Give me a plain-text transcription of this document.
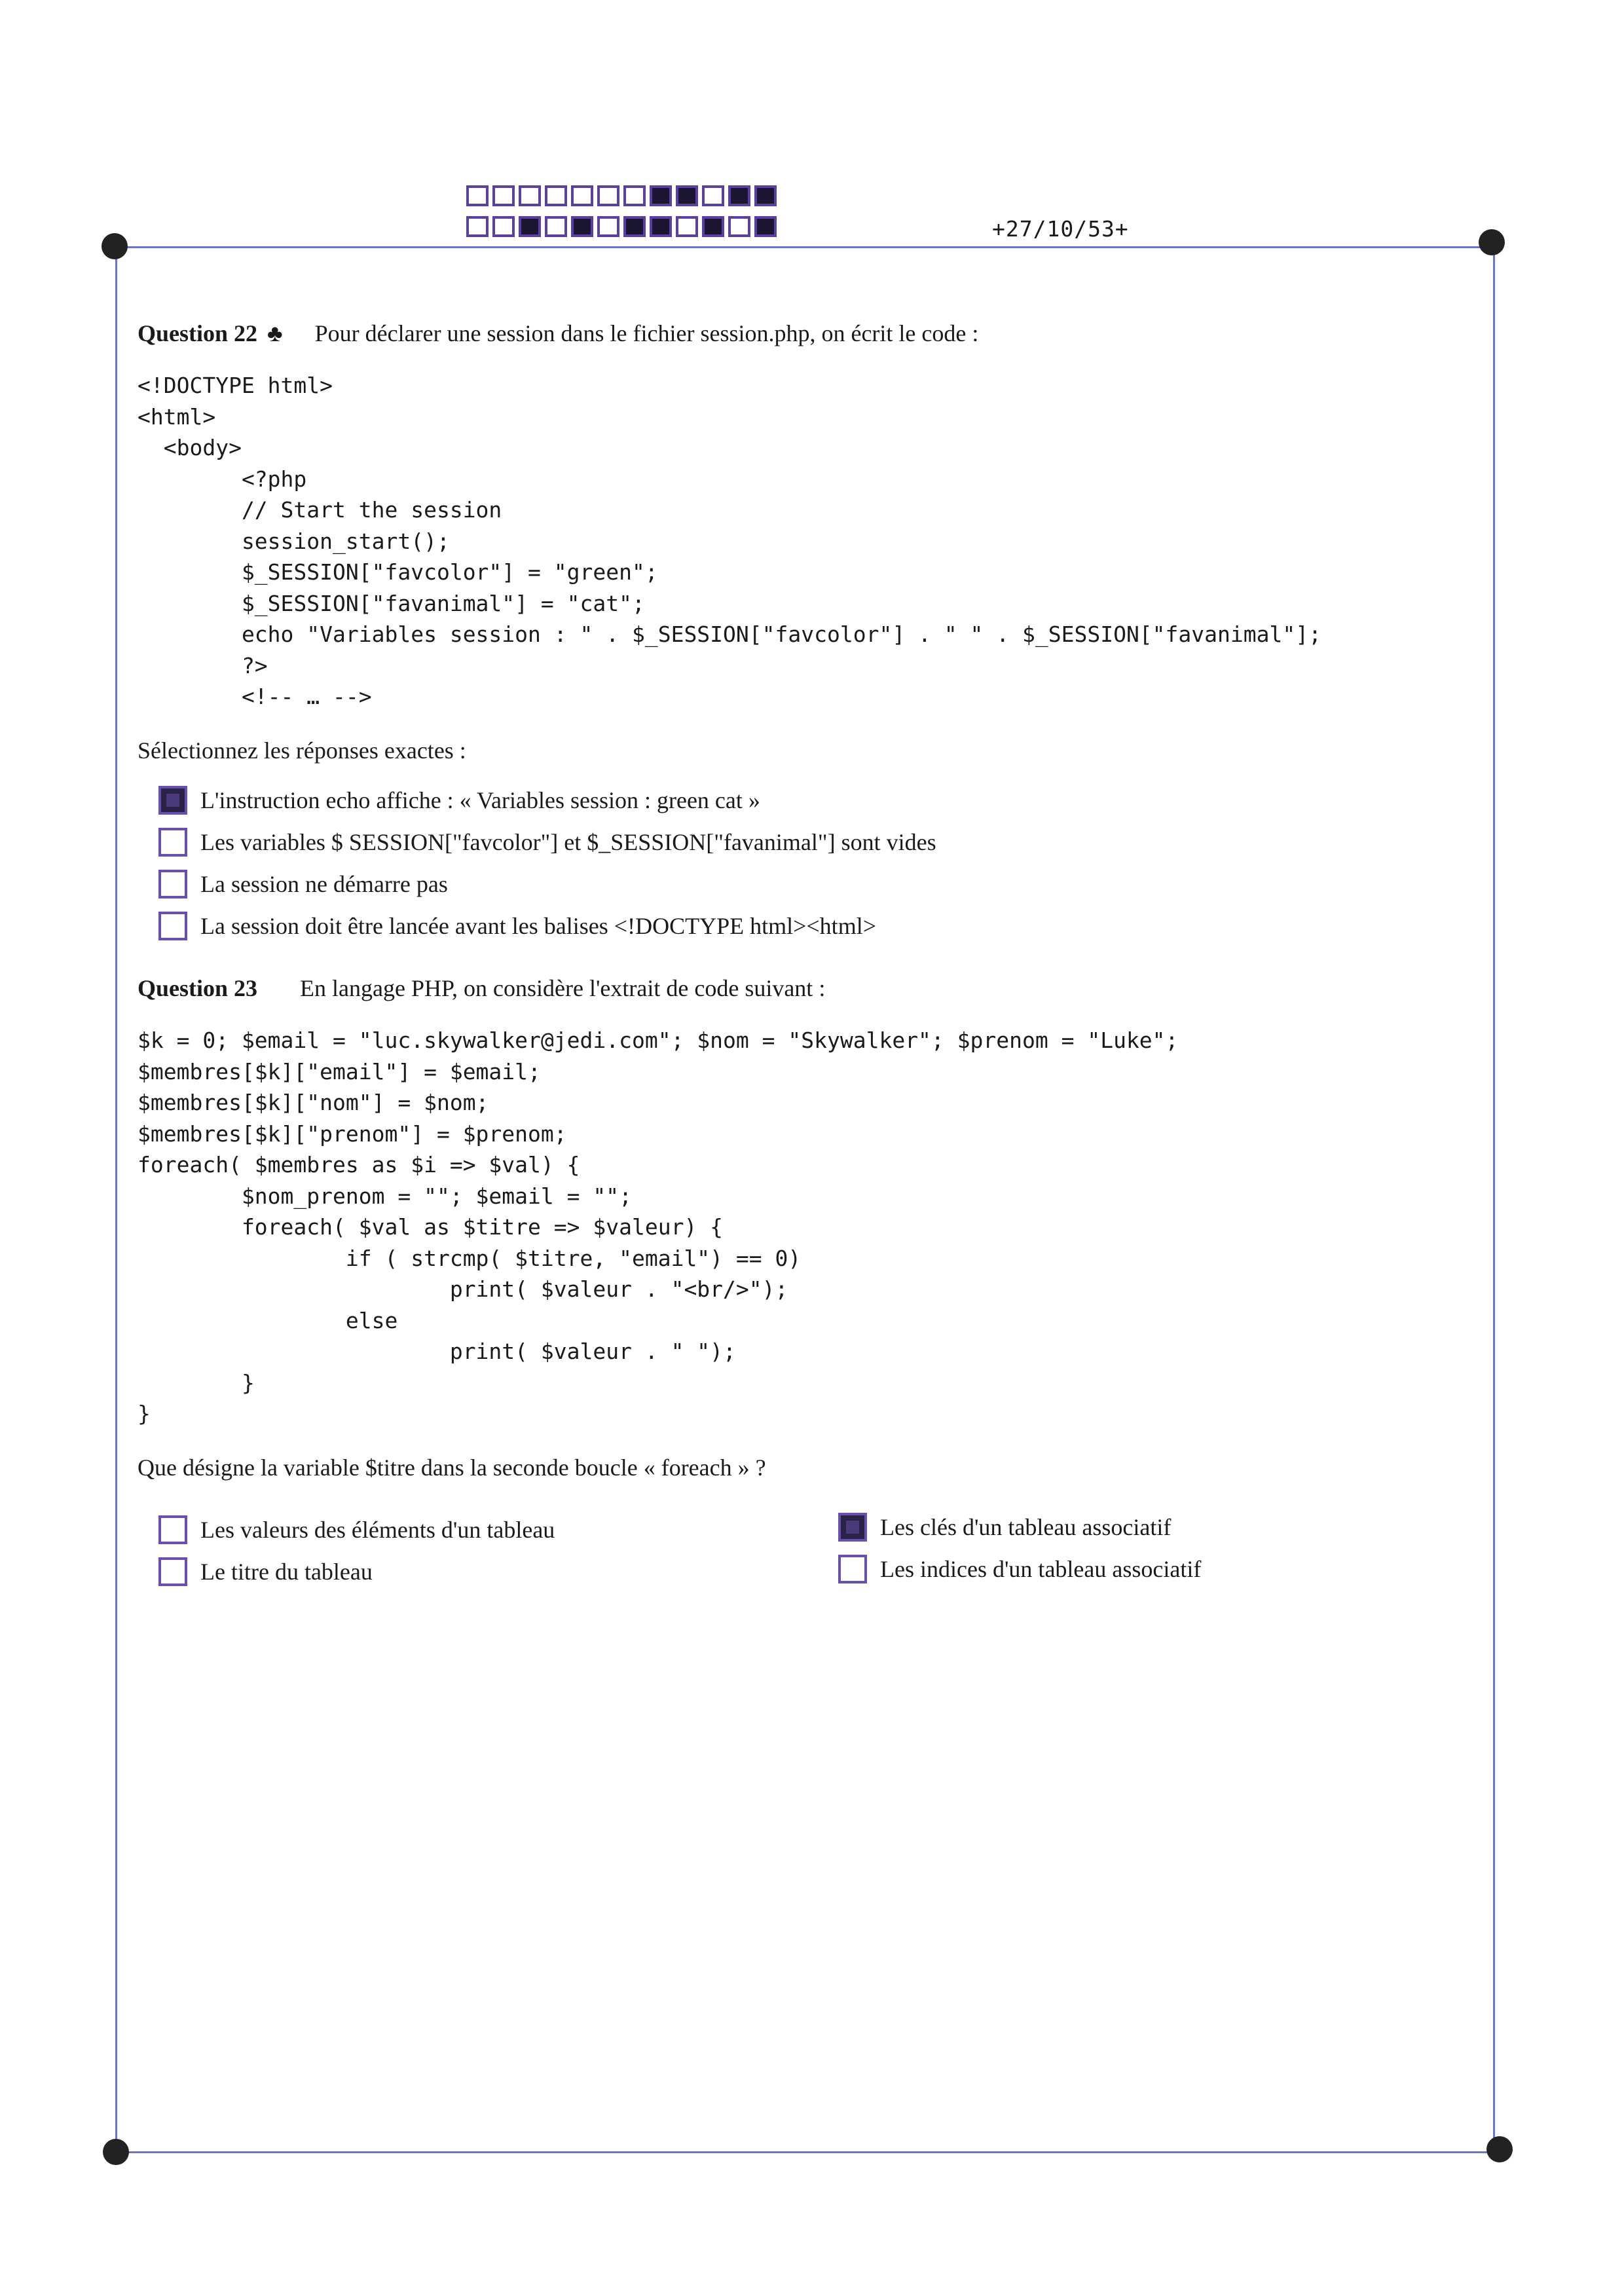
+27/10/53+
Question 22 ♣ Pour déclarer une session dans le fichier session.php, on écrit le code :
<!DOCTYPE html>
<html>
<body>
<?php
// Start the session
session_start();
$_SESSION["favcolor"] = "green";
$_SESSION["favanimal"] = "cat";
echo "Variables session : " . $_SESSION["favcolor"] . " " . $_SESSION["favanimal"];
?>
<!-- … -->
Sélectionnez les réponses exactes :
L'instruction echo affiche : « Variables session : green cat »
Les variables $ SESSION["favcolor"] et $_SESSION["favanimal"] sont vides
La session ne démarre pas
La session doit être lancée avant les balises <!DOCTYPE html><html>
Question 23 En langage PHP, on considère l'extrait de code suivant :
$k = 0; $email = "luc.skywalker@jedi.com"; $nom = "Skywalker"; $prenom = "Luke";
$membres[$k]["email"] = $email;
$membres[$k]["nom"] = $nom;
$membres[$k]["prenom"] = $prenom;
foreach( $membres as $i => $val) {
$nom_prenom = ""; $email = "";
foreach( $val as $titre => $valeur) {
if ( strcmp( $titre, "email") == 0)
print( $valeur . "<br/>");
else
print( $valeur . " ");
}
}
Que désigne la variable $titre dans la seconde boucle « foreach » ?
Les valeurs des éléments d'un tableau
Le titre du tableau
Les clés d'un tableau associatif
Les indices d'un tableau associatif
